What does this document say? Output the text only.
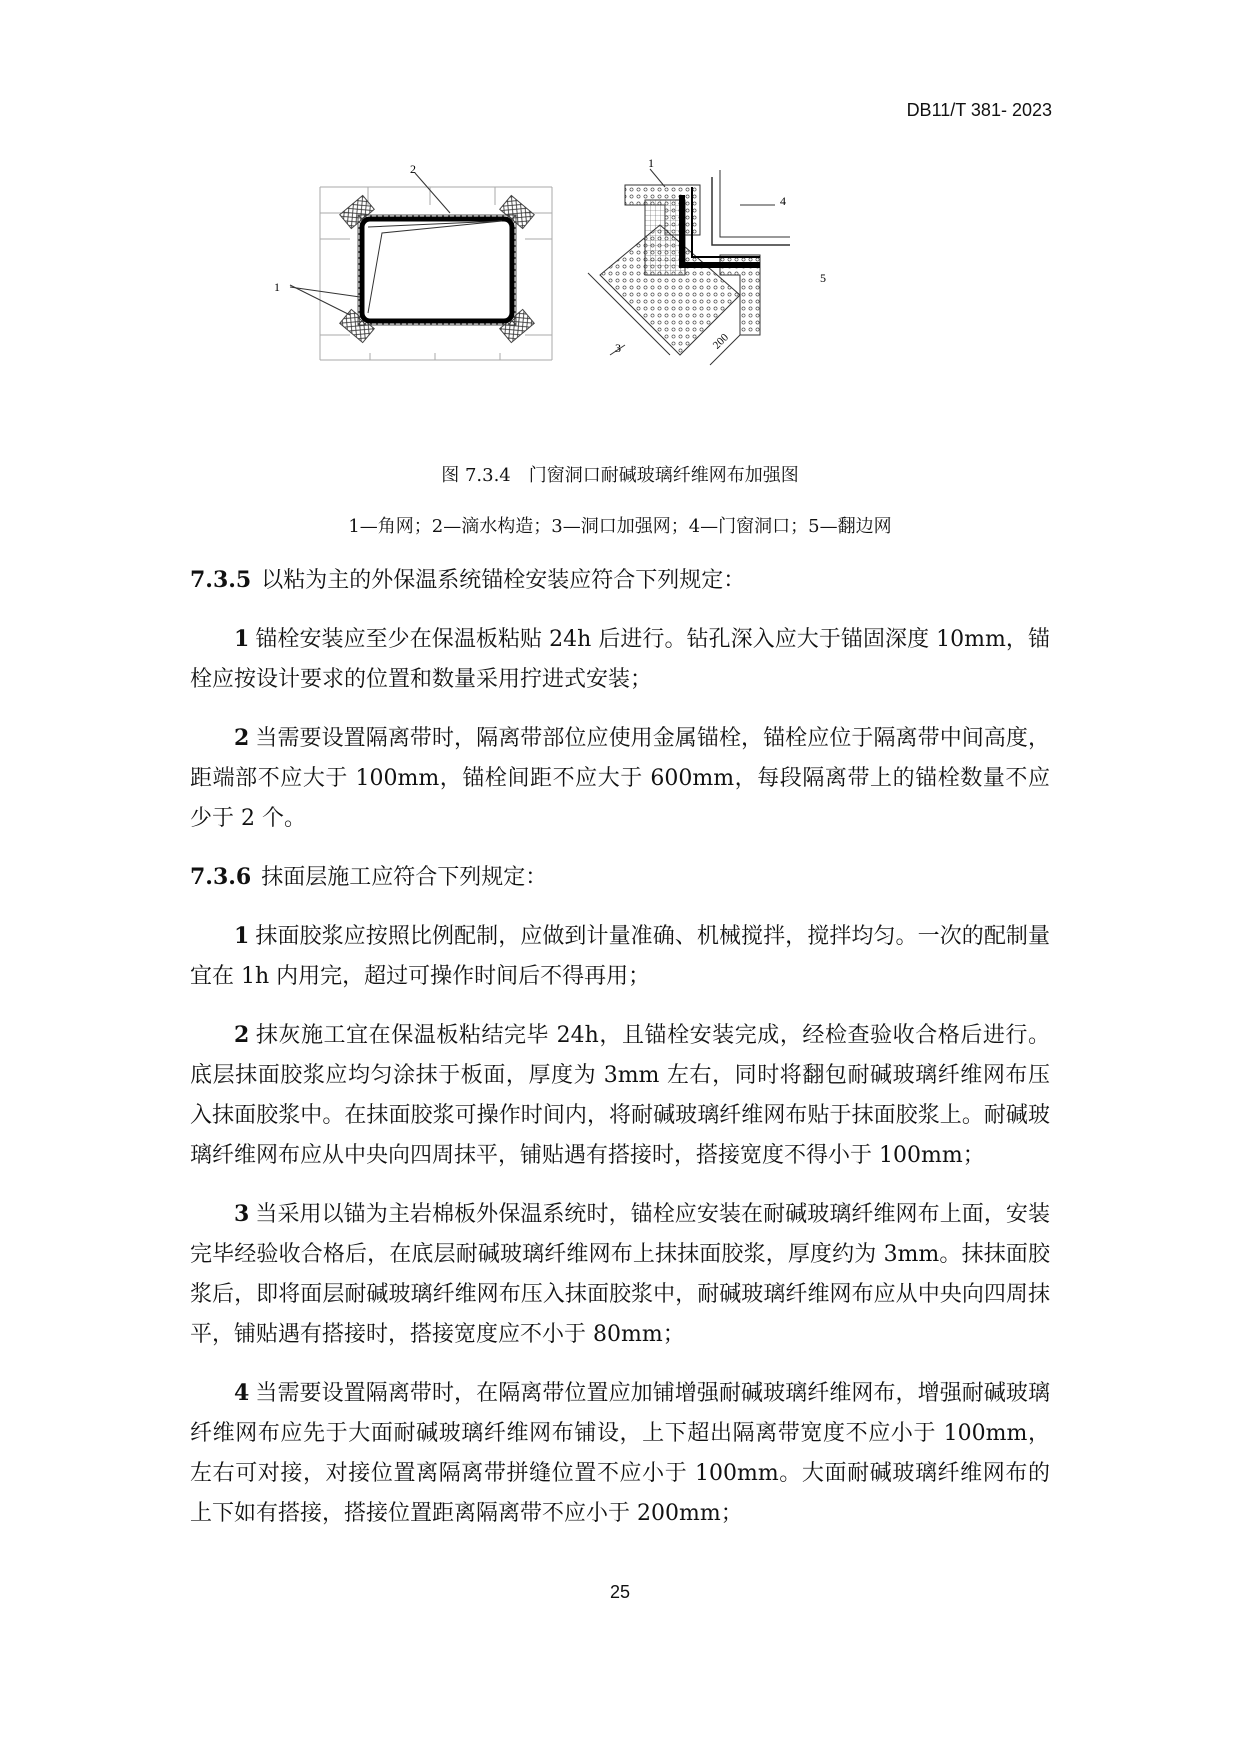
DB11/T 381- 2023
2
1
1
4
5
3	200
图 7.3.4　门窗洞口耐碱玻璃纤维网布加强图
1—角网；2—滴水构造；3—洞口加强网；4—门窗洞口；5—翻边网

7.3.5 以粘为主的外保温系统锚栓安装应符合下列规定：

1 锚栓安装应至少在保温板粘贴 24h 后进行。钻孔深入应大于锚固深度 10mm，锚栓应按设计要求的位置和数量采用拧进式安装；

2 当需要设置隔离带时，隔离带部位应使用金属锚栓，锚栓应位于隔离带中间高度，距端部不应大于 100mm，锚栓间距不应大于 600mm，每段隔离带上的锚栓数量不应少于 2 个。

7.3.6 抹面层施工应符合下列规定：

1 抹面胶浆应按照比例配制，应做到计量准确、机械搅拌，搅拌均匀。一次的配制量宜在 1h 内用完，超过可操作时间后不得再用；

2 抹灰施工宜在保温板粘结完毕 24h，且锚栓安装完成，经检查验收合格后进行。底层抹面胶浆应均匀涂抹于板面，厚度为 3mm 左右，同时将翻包耐碱玻璃纤维网布压入抹面胶浆中。在抹面胶浆可操作时间内，将耐碱玻璃纤维网布贴于抹面胶浆上。耐碱玻璃纤维网布应从中央向四周抹平，铺贴遇有搭接时，搭接宽度不得小于 100mm；

3 当采用以锚为主岩棉板外保温系统时，锚栓应安装在耐碱玻璃纤维网布上面，安装完毕经验收合格后，在底层耐碱玻璃纤维网布上抹抹面胶浆，厚度约为 3mm。抹抹面胶浆后，即将面层耐碱玻璃纤维网布压入抹面胶浆中，耐碱玻璃纤维网布应从中央向四周抹平，铺贴遇有搭接时，搭接宽度应不小于 80mm；

4 当需要设置隔离带时，在隔离带位置应加铺增强耐碱玻璃纤维网布，增强耐碱玻璃纤维网布应先于大面耐碱玻璃纤维网布铺设，上下超出隔离带宽度不应小于 100mm，左右可对接，对接位置离隔离带拼缝位置不应小于 100mm。大面耐碱玻璃纤维网布的上下如有搭接，搭接位置距离隔离带不应小于 200mm；

25
